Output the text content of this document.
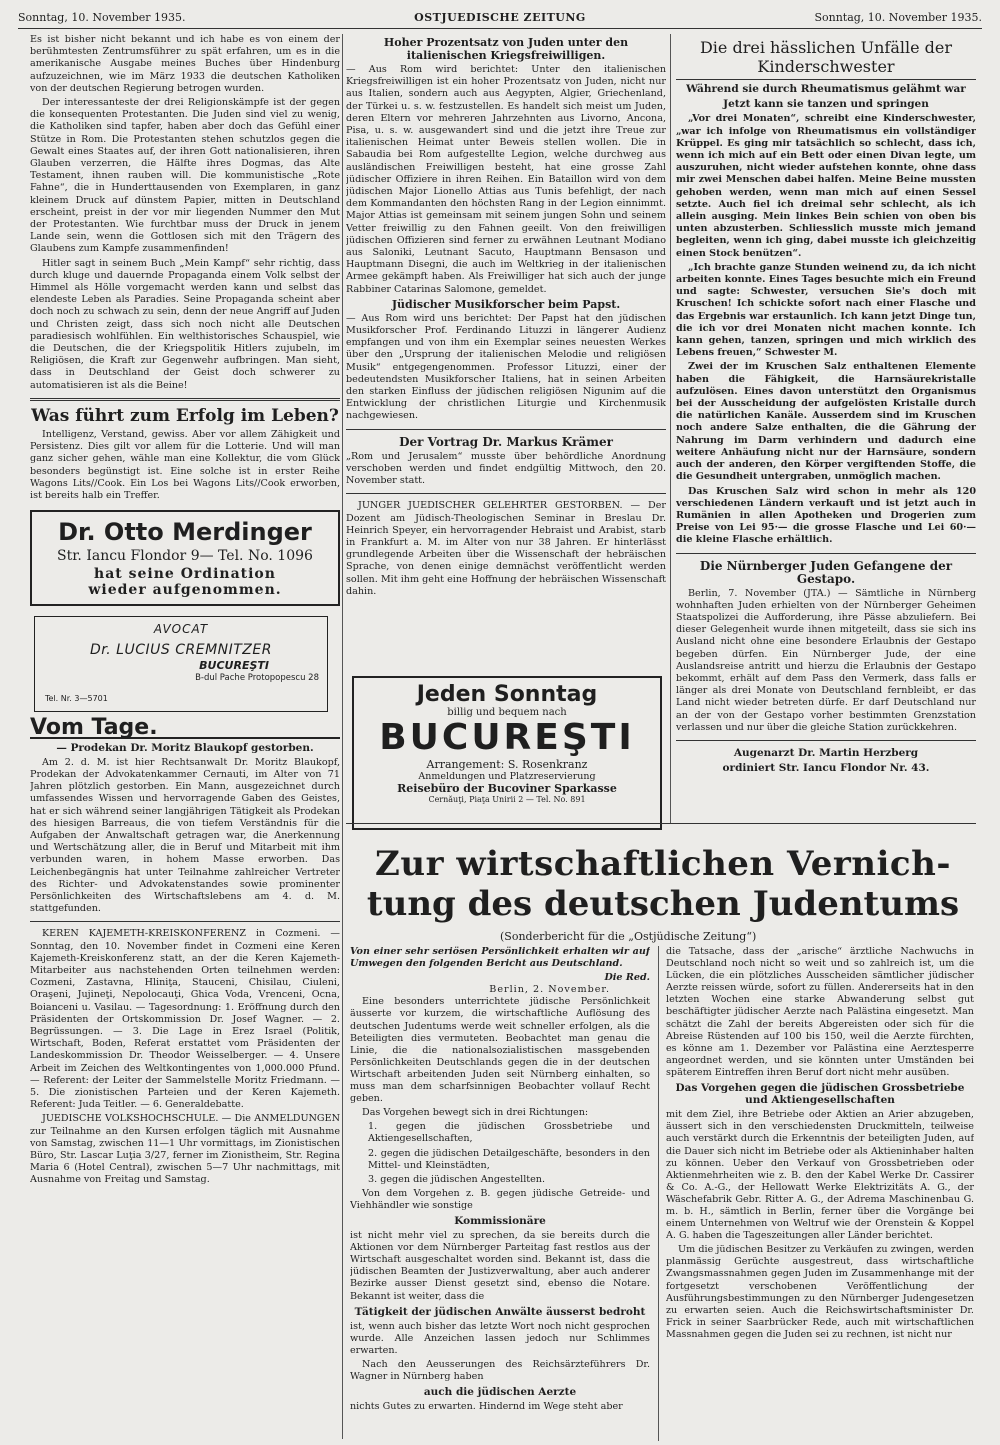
Sonntag, 10. November 1935.	OSTJUEDISCHE ZEITUNG	Sonntag, 10. November 1935.

Es ist bisher nicht bekannt und ich habe es von einem der berühmtesten Zentrumsführer zu spät erfahren, um es in die amerikanische Ausgabe meines Buches über Hindenburg aufzuzeichnen, wie im März 1933 die deutschen Katholiken von der deutschen Regierung betrogen wurden.

Der interessanteste der drei Religionskämpfe ist der gegen die konsequenten Protestanten. Die Juden sind viel zu wenig, die Katholiken sind tapfer, haben aber doch das Gefühl einer Stütze in Rom. Die Protestanten stehen schutzlos gegen die Gewalt eines Staates auf, der ihren Gott nationalisieren, ihren Glauben verzerren, die Hälfte ihres Dogmas, das Alte Testament, ihnen rauben will. Die kommunistische „Rote Fahne“, die in Hunderttausenden von Exemplaren, in ganz kleinem Druck auf dünstem Papier, mitten in Deutschland erscheint, preist in der vor mir liegenden Nummer den Mut der Protestanten. Wie furchtbar muss der Druck in jenem Lande sein, wenn die Gottlosen sich mit den Trägern des Glaubens zum Kampfe zusammenfinden!

Hitler sagt in seinem Buch „Mein Kampf“ sehr richtig, dass durch kluge und dauernde Propaganda einem Volk selbst der Himmel als Hölle vorgemacht werden kann und selbst das elendeste Leben als Paradies. Seine Propaganda scheint aber doch noch zu schwach zu sein, denn der neue Angriff auf Juden und Christen zeigt, dass sich noch nicht alle Deutschen paradiesisch wohlfühlen. Ein welthistorisches Schauspiel, wie die Deutschen, die der Kriegspolitik Hitlers zujubeln, im Religiösen, die Kraft zur Gegenwehr aufbringen. Man sieht, dass in Deutschland der Geist doch schwerer zu automatisieren ist als die Beine!

Was führt zum Erfolg im Leben?

Intelligenz, Verstand, gewiss. Aber vor allem Zähigkeit und Persistenz. Dies gilt vor allem für die Lotterie. Und will man ganz sicher gehen, wähle man eine Kollektur, die vom Glück besonders begünstigt ist. Eine solche ist in erster Reihe Wagons Lits//Cook. Ein Los bei Wagons Lits//Cook erworben, ist bereits halb ein Treffer.

Dr. Otto Merdinger
Str. Iancu Flondor 9— Tel. No. 1096
hat seine Ordination
wieder aufgenommen.
AVOCAT
Dr. LUCIUS CREMNITZER
BUCUREŞTI
B-dul Pache Protopopescu 28
Tel. Nr. 3—5701
Vom Tage.
— Prodekan Dr. Moritz Blaukopf gestorben.

Am 2. d. M. ist hier Rechtsanwalt Dr. Moritz Blaukopf, Prodekan der Advokatenkammer Cernauti, im Alter von 71 Jahren plötzlich gestorben. Ein Mann, ausgezeichnet durch umfassendes Wissen und hervorragende Gaben des Geistes, hat er sich während seiner langjährigen Tätigkeit als Prodekan des hiesigen Barreaus, die von tiefem Verständnis für die Aufgaben der Anwaltschaft getragen war, die Anerkennung und Wertschätzung aller, die in Beruf und Mitarbeit mit ihm verbunden waren, in hohem Masse erworben. Das Leichenbegängnis hat unter Teilnahme zahlreicher Vertreter des Richter- und Advokatenstandes sowie prominenter Persönlichkeiten des Wirtschaftslebens am 4. d. M. stattgefunden.

KEREN KAJEMETH-KREISKONFERENZ in Cozmeni. — Sonntag, den 10. November findet in Cozmeni eine Keren Kajemeth-Kreiskonferenz statt, an der die Keren Kajemeth-Mitarbeiter aus nachstehenden Orten teilnehmen werden: Cozmeni, Zastavna, Hliniţa, Stauceni, Chisilau, Ciuleni, Oraşeni, Jujineţi, Nepolocauţi, Ghica Voda, Vrenceni, Ocna, Boianceni u. Vasilau. — Tagesordnung: 1. Eröffnung durch den Präsidenten der Ortskommission Dr. Josef Wagner. — 2. Begrüssungen. — 3. Die Lage in Erez Israel (Politik, Wirtschaft, Boden, Referat erstattet vom Präsidenten der Landeskommission Dr. Theodor Weisselberger. — 4. Unsere Arbeit im Zeichen des Weltkontingentes von 1,000.000 Pfund. — Referent: der Leiter der Sammelstelle Moritz Friedmann. — 5. Die zionistischen Parteien und der Keren Kajemeth. Referent: Juda Teitler. — 6. Generaldebatte.

JUEDISCHE VOLKSHOCHSCHULE. — Die ANMELDUNGEN zur Teilnahme an den Kursen erfolgen täglich mit Ausnahme von Samstag, zwischen 11—1 Uhr vormittags, im Zionistischen Büro, Str. Lascar Luţia 3/27, ferner im Zionistheim, Str. Regina Maria 6 (Hotel Central), zwischen 5—7 Uhr nachmittags, mit Ausnahme von Freitag und Samstag.

Hoher Prozentsatz von Juden unter den italienischen Kriegsfreiwilligen.

— Aus Rom wird berichtet: Unter den italienischen Kriegsfreiwilligen ist ein hoher Prozentsatz von Juden, nicht nur aus Italien, sondern auch aus Aegypten, Algier, Griechenland, der Türkei u. s. w. festzustellen. Es handelt sich meist um Juden, deren Eltern vor mehreren Jahrzehnten aus Livorno, Ancona, Pisa, u. s. w. ausgewandert sind und die jetzt ihre Treue zur italienischen Heimat unter Beweis stellen wollen. Die in Sabaudia bei Rom aufgestellte Legion, welche durchweg aus ausländischen Freiwilligen besteht, hat eine grosse Zahl jüdischer Offiziere in ihren Reihen. Ein Bataillon wird von dem jüdischen Major Lionello Attias aus Tunis befehligt, der nach dem Kommandanten den höchsten Rang in der Legion einnimmt. Major Attias ist gemeinsam mit seinem jungen Sohn und seinem Vetter freiwillig zu den Fahnen geeilt. Von den freiwilligen jüdischen Offizieren sind ferner zu erwähnen Leutnant Modiano aus Saloniki, Leutnant Sacuto, Hauptmann Bensason und Hauptmann Disegni, die auch im Weltkrieg in der italienischen Armee gekämpft haben. Als Freiwilliger hat sich auch der junge Rabbiner Catarinas Salomone, gemeldet.

Jüdischer Musikforscher beim Papst.

— Aus Rom wird uns berichtet: Der Papst hat den jüdischen Musikforscher Prof. Ferdinando Lituzzi in längerer Audienz empfangen und von ihm ein Exemplar seines neuesten Werkes über den „Ursprung der italienischen Melodie und religiösen Musik“ entgegengenommen. Professor Lituzzi, einer der bedeutendsten Musikforscher Italiens, hat in seinen Arbeiten den starken Einfluss der jüdischen religiösen Nigunim auf die Entwicklung der christlichen Liturgie und Kirchenmusik nachgewiesen.

Der Vortrag Dr. Markus Krämer

„Rom und Jerusalem“ musste über behördliche Anordnung verschoben werden und findet endgültig Mittwoch, den 20. November statt.

JUNGER JUEDISCHER GELEHRTER GESTORBEN. — Der Dozent am Jüdisch-Theologischen Seminar in Breslau Dr. Heinrich Speyer, ein hervorragender Hebraist und Arabist, starb in Frankfurt a. M. im Alter von nur 38 Jahren. Er hinterlässt grundlegende Arbeiten über die Wissenschaft der hebräischen Sprache, von denen einige demnächst veröffentlicht werden sollen. Mit ihm geht eine Hoffnung der hebräischen Wissenschaft dahin.

Jeden Sonntag
billig und bequem nach
BUCUREŞTI
Arrangement: S. Rosenkranz
Anmeldungen und Platzreservierung
Reisebüro der Bucoviner Sparkasse
Cernăuţi, Piaţa Unirii 2 — Tel. No. 891
Die drei hässlichen Unfälle der Kinderschwester
Während sie durch Rheumatismus gelähmt war
Jetzt kann sie tanzen und springen

„Vor drei Monaten“, schreibt eine Kinderschwester, „war ich infolge von Rheumatismus ein vollständiger Krüppel. Es ging mir tatsächlich so schlecht, dass ich, wenn ich mich auf ein Bett oder einen Divan legte, um auszuruhen, nicht wieder aufstehen konnte, ohne dass mir zwei Menschen dabei halfen. Meine Beine mussten gehoben werden, wenn man mich auf einen Sessel setzte. Auch fiel ich dreimal sehr schlecht, als ich allein ausging. Mein linkes Bein schien von oben bis unten abzusterben. Schliesslich musste mich jemand begleiten, wenn ich ging, dabei musste ich gleichzeitig einen Stock benützen“.

„Ich brachte ganze Stunden weinend zu, da ich nicht arbeiten konnte. Eines Tages besuchte mich ein Freund und sagte: Schwester, versuchen Sie's doch mit Kruschen! Ich schickte sofort nach einer Flasche und das Ergebnis war erstaunlich. Ich kann jetzt Dinge tun, die ich vor drei Monaten nicht machen konnte. Ich kann gehen, tanzen, springen und mich wirklich des Lebens freuen,“ Schwester M.

Zwei der im Kruschen Salz enthaltenen Elemente haben die Fähigkeit, die Harnsäurekristalle aufzulösen. Eines davon unterstützt den Organismus bei der Ausscheidung der aufgelösten Kristalle durch die natürlichen Kanäle. Ausserdem sind im Kruschen noch andere Salze enthalten, die die Gährung der Nahrung im Darm verhindern und dadurch eine weitere Anhäufung nicht nur der Harnsäure, sondern auch der anderen, den Körper vergiftenden Stoffe, die die Gesundheit untergraben, unmöglich machen.

Das Kruschen Salz wird schon in mehr als 120 verschiedenen Ländern verkauft und ist jetzt auch in Rumänien in allen Apotheken und Drogerien zum Preise von Lei 95·— die grosse Flasche und Lei 60·— die kleine Flasche erhältlich.

Die Nürnberger Juden Gefangene der Gestapo.

Berlin, 7. November (JTA.) — Sämtliche in Nürnberg wohnhaften Juden erhielten von der Nürnberger Geheimen Staatspolizei die Aufforderung, ihre Pässe abzuliefern. Bei dieser Gelegenheit wurde ihnen mitgeteilt, dass sie sich ins Ausland nicht ohne eine besondere Erlaubnis der Gestapo begeben dürfen. Ein Nürnberger Jude, der eine Auslandsreise antritt und hierzu die Erlaubnis der Gestapo bekommt, erhält auf dem Pass den Vermerk, dass falls er länger als drei Monate von Deutschland fernbleibt, er das Land nicht wieder betreten dürfe. Er darf Deutschland nur an der von der Gestapo vorher bestimmten Grenzstation verlassen und nur über die gleiche Station zurückkehren.

Augenarzt Dr. Martin Herzberg
ordiniert Str. Iancu Flondor Nr. 43.
Zur wirtschaftlichen Vernich-
tung des deutschen Judentums
(Sonderbericht für die „Ostjüdische Zeitung“)

Von einer sehr seriösen Persönlichkeit erhalten wir auf Umwegen den folgenden Bericht aus Deutschland.

Die Red.
Berlin, 2. November.

Eine besonders unterrichtete jüdische Persönlichkeit äusserte vor kurzem, die wirtschaftliche Auflösung des deutschen Judentums werde weit schneller erfolgen, als die Beteiligten dies vermuteten. Beobachtet man genau die Linie, die die nationalsozialistischen massgebenden Persönlichkeiten Deutschlands gegen die in der deutschen Wirtschaft arbeitenden Juden seit Nürnberg einhalten, so muss man dem scharfsinnigen Beobachter vollauf Recht geben.

Das Vorgehen bewegt sich in drei Richtungen:

1. gegen die jüdischen Grossbetriebe und Aktiengesellschaften,

2. gegen die jüdischen Detailgeschäfte, besonders in den Mittel- und Kleinstädten,

3. gegen die jüdischen Angestellten.

Von dem Vorgehen z. B. gegen jüdische Getreide- und Viehhändler wie sonstige

Kommissionäre

ist nicht mehr viel zu sprechen, da sie bereits durch die Aktionen vor dem Nürnberger Parteitag fast restlos aus der Wirtschaft ausgeschaltet worden sind. Bekannt ist, dass die jüdischen Beamten der Justizverwaltung, aber auch anderer Bezirke ausser Dienst gesetzt sind, ebenso die Notare. Bekannt ist weiter, dass die

Tätigkeit der jüdischen Anwälte äusserst bedroht

ist, wenn auch bisher das letzte Wort noch nicht gesprochen wurde. Alle Anzeichen lassen jedoch nur Schlimmes erwarten.

Nach den Aeusserungen des Reichsärzteführers Dr. Wagner in Nürnberg haben

auch die jüdischen Aerzte

nichts Gutes zu erwarten. Hindernd im Wege steht aber

die Tatsache, dass der „arische“ ärztliche Nachwuchs in Deutschland noch nicht so weit und so zahlreich ist, um die Lücken, die ein plötzliches Ausscheiden sämtlicher jüdischer Aerzte reissen würde, sofort zu füllen. Andererseits hat in den letzten Wochen eine starke Abwanderung selbst gut beschäftigter jüdischer Aerzte nach Palästina eingesetzt. Man schätzt die Zahl der bereits Abgereisten oder sich für die Abreise Rüstenden auf 100 bis 150, weil die Aerzte fürchten, es könne am 1. Dezember vor Palästina eine Aerztesperre angeordnet werden, und sie könnten unter Umständen bei späterem Eintreffen ihren Beruf dort nicht mehr ausüben.

Das Vorgehen gegen die jüdischen Grossbetriebe und Aktiengesellschaften

mit dem Ziel, ihre Betriebe oder Aktien an Arier abzugeben, äussert sich in den verschiedensten Druckmitteln, teilweise auch verstärkt durch die Erkenntnis der beteiligten Juden, auf die Dauer sich nicht im Betriebe oder als Aktieninhaber halten zu können. Ueber den Verkauf von Grossbetrieben oder Aktienmehrheiten wie z. B. den der Kabel Werke Dr. Cassirer & Co. A.-G., der Hellowatt Werke Elektrizitäts A. G., der Wäschefabrik Gebr. Ritter A. G., der Adrema Maschinenbau G. m. b. H., sämtlich in Berlin, ferner über die Vorgänge bei einem Unternehmen von Weltruf wie der Orenstein & Koppel A. G. haben die Tageszeitungen aller Länder berichtet.

Um die jüdischen Besitzer zu Verkäufen zu zwingen, werden planmässig Gerüchte ausgestreut, dass wirtschaftliche Zwangsmassnahmen gegen Juden im Zusammenhange mit der fortgesetzt verschobenen Veröffentlichung der Ausführungsbestimmungen zu den Nürnberger Judengesetzen zu erwarten seien. Auch die Reichswirtschaftsminister Dr. Frick in seiner Saarbrücker Rede, auch mit wirtschaftlichen Massnahmen gegen die Juden sei zu rechnen, ist nicht nur
